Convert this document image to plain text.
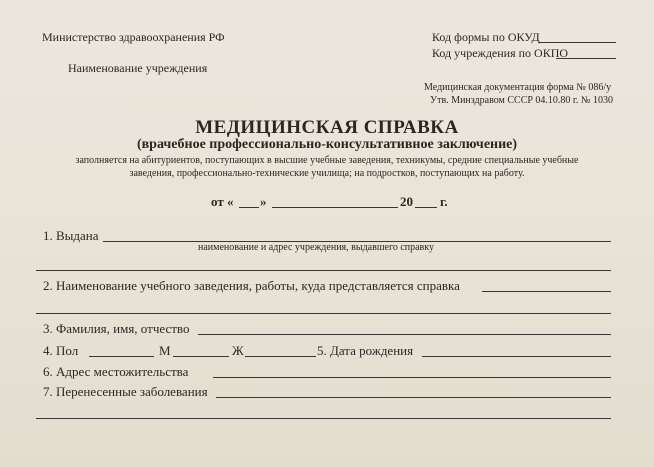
Министерство здравоохранения РФ
Наименование учреждения
Код формы по ОКУД
Код учреждения по ОКПО
Медицинская документация форма № 086/у
Утв. Минздравом СССР 04.10.80 г. № 1030
МЕДИЦИНСКАЯ СПРАВКА
(врачебное профессионально-консультативное заключение)
заполняется на абитуриентов, поступающих в высшие учебные заведения, техникумы, средние специальные учебные
заведения, профессионально-технические училища; на подростков, поступающих на работу.
от « »	20 г.
1. Выдана
наименование и адрес учреждения, выдавшего справку
2. Наименование учебного заведения, работы, куда представляется справка
3. Фамилия, имя, отчество
4. Пол	М	Ж	5. Дата рождения
6. Адрес местожительства
7. Перенесенные заболевания
